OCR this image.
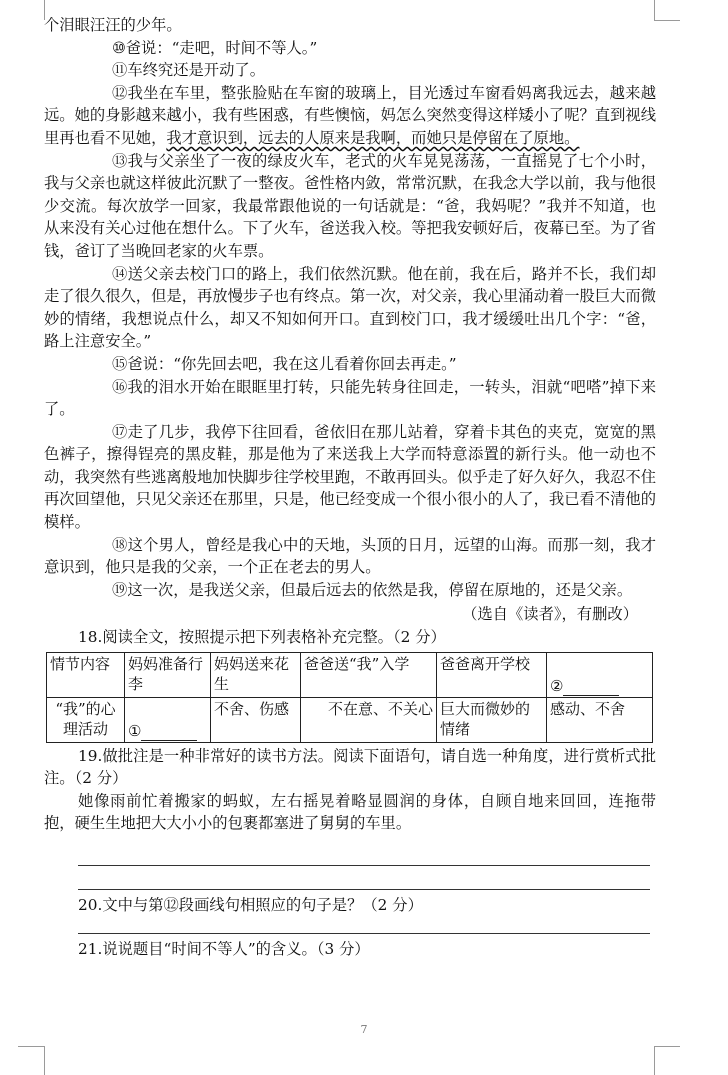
个泪眼汪汪的少年。

⑩爸说：“走吧，时间不等人。”

⑪车终究还是开动了。

⑫我坐在车里，整张脸贴在车窗的玻璃上，目光透过车窗看妈离我远去，越来越远。她的身影越来越小，我有些困惑，有些懊恼，妈怎么突然变得这样矮小了呢？直到视线里再也看不见她，我才意识到，远去的人原来是我啊，而她只是停留在了原地。

⑬我与父亲坐了一夜的绿皮火车，老式的火车晃晃荡荡，一直摇晃了七个小时，我与父亲也就这样彼此沉默了一整夜。爸性格内敛，常常沉默，在我念大学以前，我与他很少交流。每次放学一回家，我最常跟他说的一句话就是：“爸，我妈呢？”我并不知道，也从来没有关心过他在想什么。下了火车，爸送我入校。等把我安顿好后，夜幕已至。为了省钱，爸订了当晚回老家的火车票。

⑭送父亲去校门口的路上，我们依然沉默。他在前，我在后，路并不长，我们却走了很久很久，但是，再放慢步子也有终点。第一次，对父亲，我心里涌动着一股巨大而微妙的情绪，我想说点什么，却又不知如何开口。直到校门口，我才缓缓吐出几个字：“爸，路上注意安全。”

⑮爸说：“你先回去吧，我在这儿看着你回去再走。”

⑯我的泪水开始在眼眶里打转，只能先转身往回走，一转头，泪就“吧嗒”掉下来了。

⑰走了几步，我停下往回看，爸依旧在那儿站着，穿着卡其色的夹克，宽宽的黑色裤子，擦得锃亮的黑皮鞋，那是他为了来送我上大学而特意添置的新行头。他一动也不动，我突然有些逃离般地加快脚步往学校里跑，不敢再回头。似乎走了好久好久，我忍不住再次回望他，只见父亲还在那里，只是，他已经变成一个很小很小的人了，我已看不清他的模样。

⑱这个男人，曾经是我心中的天地，头顶的日月，远望的山海。而那一刻，我才意识到，他只是我的父亲，一个正在老去的男人。

⑲这一次，是我送父亲，但最后远去的依然是我，停留在原地的，还是父亲。

（选自《读者》，有删改）

18.阅读全文，按照提示把下列表格补充完整。（2 分）

情节内容	妈妈准备行李	妈妈送来花生	爸爸送“我”入学	爸爸离开学校	②
“我”的心理活动	①	不舍、伤感	不在意、不关心	巨大而微妙的情绪	感动、不舍

19.做批注是一种非常好的读书方法。阅读下面语句，请自选一种角度，进行赏析式批注。（2 分）

她像雨前忙着搬家的蚂蚁，左右摇晃着略显圆润的身体，自顾自地来回回，连拖带抱，硬生生地把大大小小的包裹都塞进了舅舅的车里。

20.文中与第⑫段画线句相照应的句子是？（2 分）

21.说说题目“时间不等人”的含义。（3 分）

7
